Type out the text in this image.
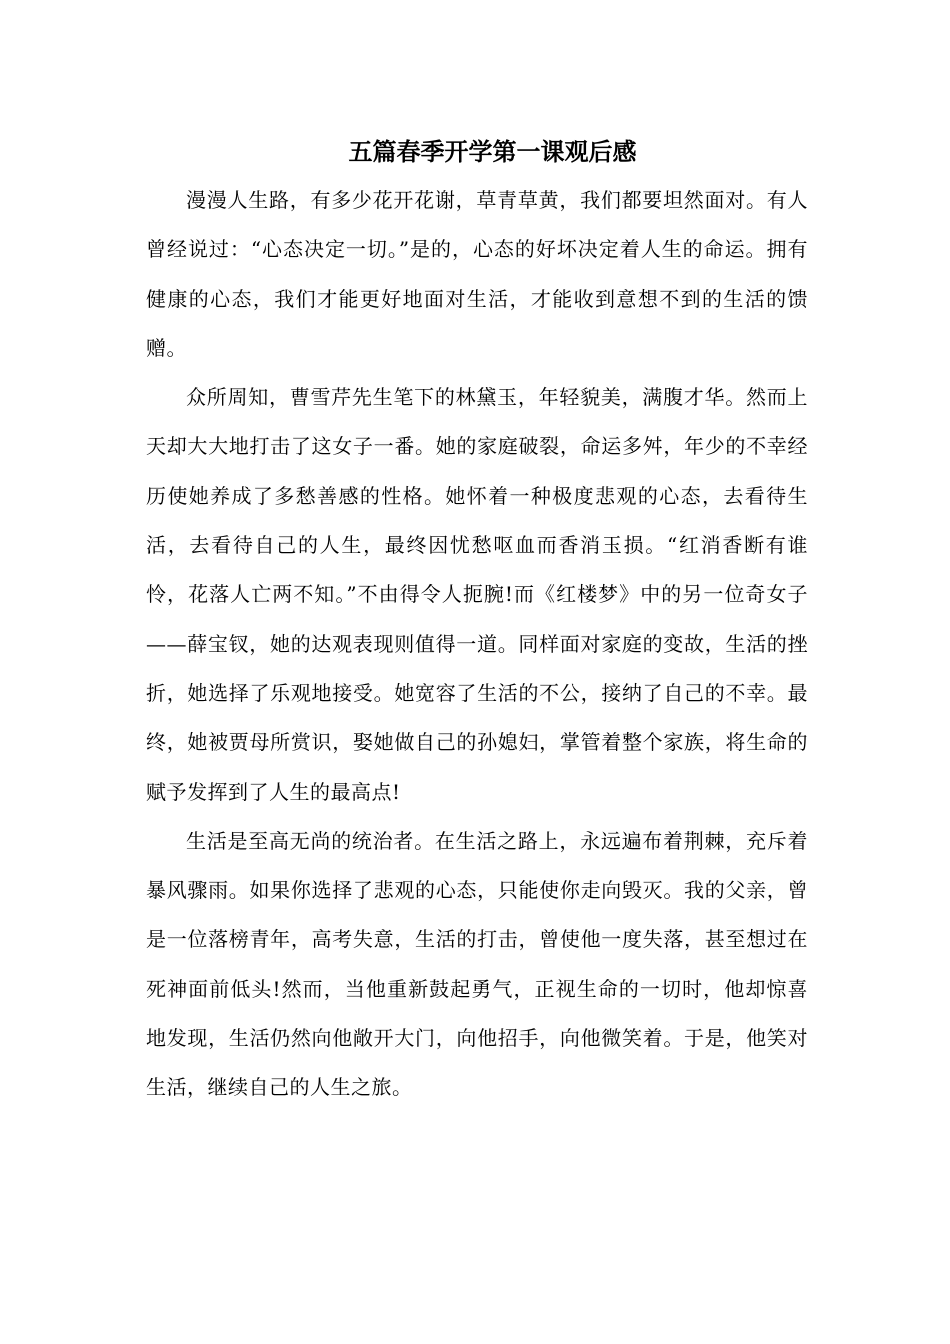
五篇春季开学第一课观后感

漫漫人生路，有多少花开花谢，草青草黄，我们都要坦然面对。有人曾经说过：“心态决定一切。”是的，心态的好坏决定着人生的命运。拥有健康的心态，我们才能更好地面对生活，才能收到意想不到的生活的馈赠。

众所周知，曹雪芹先生笔下的林黛玉，年轻貌美，满腹才华。然而上天却大大地打击了这女子一番。她的家庭破裂，命运多舛，年少的不幸经历使她养成了多愁善感的性格。她怀着一种极度悲观的心态，去看待生活，去看待自己的人生，最终因忧愁呕血而香消玉损。“红消香断有谁怜，花落人亡两不知。”不由得令人扼腕!而《红楼梦》中的另一位奇女子——薛宝钗，她的达观表现则值得一道。同样面对家庭的变故，生活的挫折，她选择了乐观地接受。她宽容了生活的不公，接纳了自己的不幸。最终，她被贾母所赏识，娶她做自己的孙媳妇，掌管着整个家族，将生命的赋予发挥到了人生的最高点!

生活是至高无尚的统治者。在生活之路上，永远遍布着荆棘，充斥着暴风骤雨。如果你选择了悲观的心态，只能使你走向毁灭。我的父亲，曾是一位落榜青年，高考失意，生活的打击，曾使他一度失落，甚至想过在死神面前低头!然而，当他重新鼓起勇气，正视生命的一切时，他却惊喜地发现，生活仍然向他敞开大门，向他招手，向他微笑着。于是，他笑对生活，继续自己的人生之旅。
